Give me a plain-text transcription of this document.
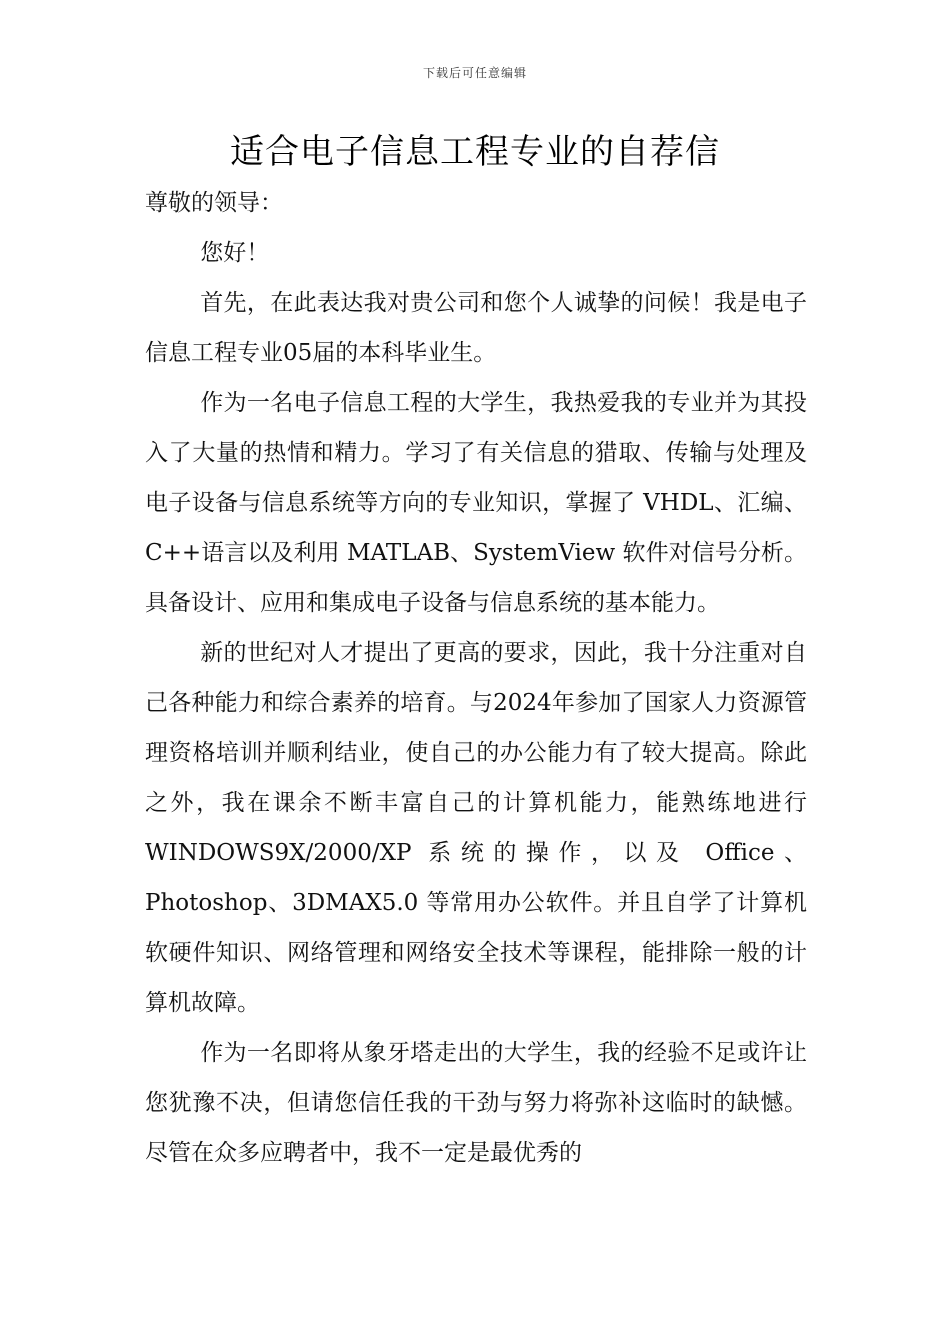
下载后可任意编辑
适合电子信息工程专业的自荐信

尊敬的领导：

您好！

首先，在此表达我对贵公司和您个人诚挚的问候！我是电子信息工程专业05届的本科毕业生。

作为一名电子信息工程的大学生，我热爱我的专业并为其投入了大量的热情和精力。学习了有关信息的猎取、传输与处理及电子设备与信息系统等方向的专业知识，掌握了 VHDL、汇编、C++语言以及利用 MATLAB、SystemView 软件对信号分析。具备设计、应用和集成电子设备与信息系统的基本能力。

新的世纪对人才提出了更高的要求，因此，我十分注重对自己各种能力和综合素养的培育。与2024年参加了国家人力资源管理资格培训并顺利结业，使自己的办公能力有了较大提高。除此之外，我在课余不断丰富自己的计算机能力，能熟练地进行 WINDOWS9X/2000/XP 系统的操作，以及 Office、 Photoshop、3DMAX5.0 等常用办公软件。并且自学了计算机软硬件知识、网络管理和网络安全技术等课程，能排除一般的计算机故障。

作为一名即将从象牙塔走出的大学生，我的经验不足或许让您犹豫不决，但请您信任我的干劲与努力将弥补这临时的缺憾。尽管在众多应聘者中，我不一定是最优秀的
